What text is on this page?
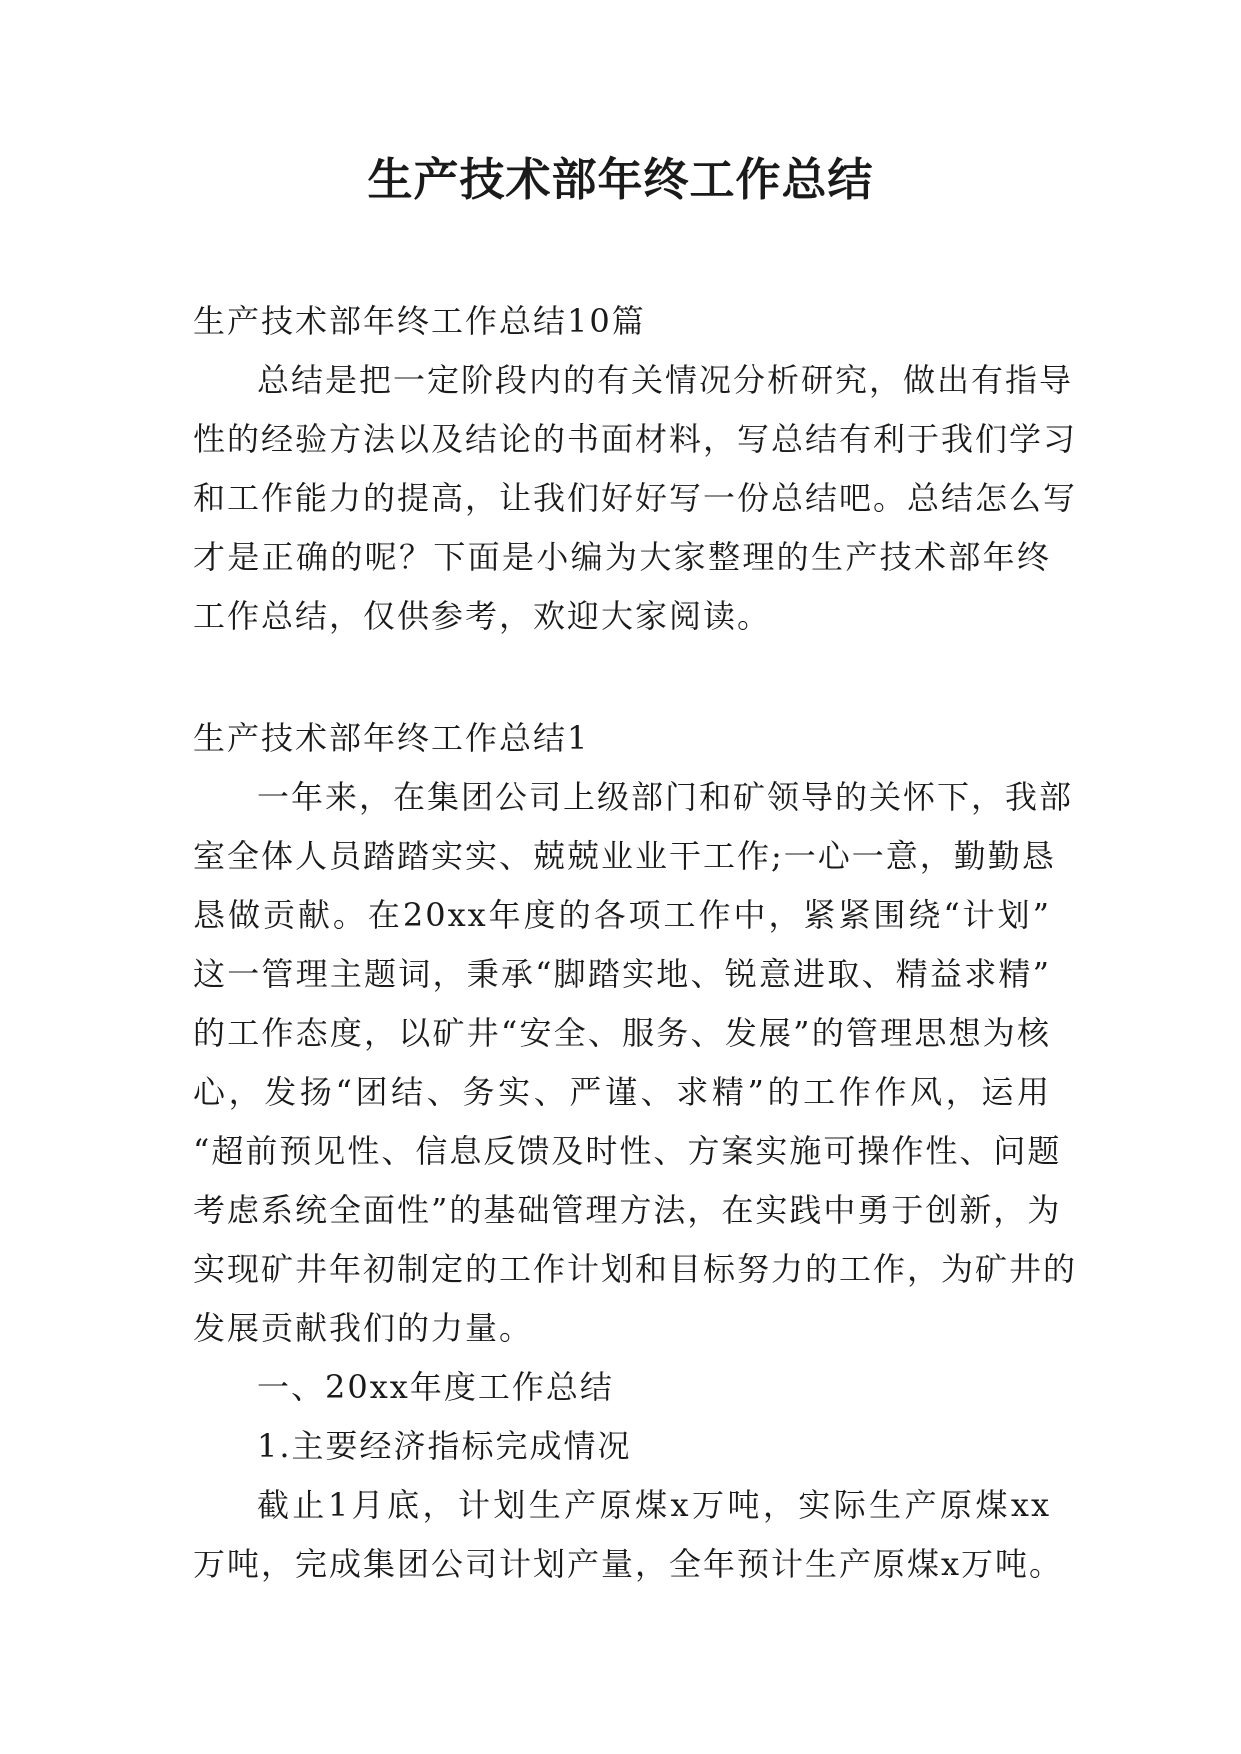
生产技术部年终工作总结
生产技术部年终工作总结10篇
总结是把一定阶段内的有关情况分析研究，做出有指导
性的经验方法以及结论的书面材料，写总结有利于我们学习
和工作能力的提高，让我们好好写一份总结吧。总结怎么写
才是正确的呢？下面是小编为大家整理的生产技术部年终
工作总结，仅供参考，欢迎大家阅读。
生产技术部年终工作总结1
一年来，在集团公司上级部门和矿领导的关怀下，我部
室全体人员踏踏实实、兢兢业业干工作;一心一意，勤勤恳
恳做贡献。在20xx年度的各项工作中，紧紧围绕“计划”
这一管理主题词，秉承“脚踏实地、锐意进取、精益求精”
的工作态度，以矿井“安全、服务、发展”的管理思想为核
心，发扬“团结、务实、严谨、求精”的工作作风，运用
“超前预见性、信息反馈及时性、方案实施可操作性、问题
考虑系统全面性”的基础管理方法，在实践中勇于创新，为
实现矿井年初制定的工作计划和目标努力的工作，为矿井的
发展贡献我们的力量。
一、20xx年度工作总结
1.主要经济指标完成情况
截止1月底，计划生产原煤x万吨，实际生产原煤xx
万吨，完成集团公司计划产量，全年预计生产原煤x万吨。
